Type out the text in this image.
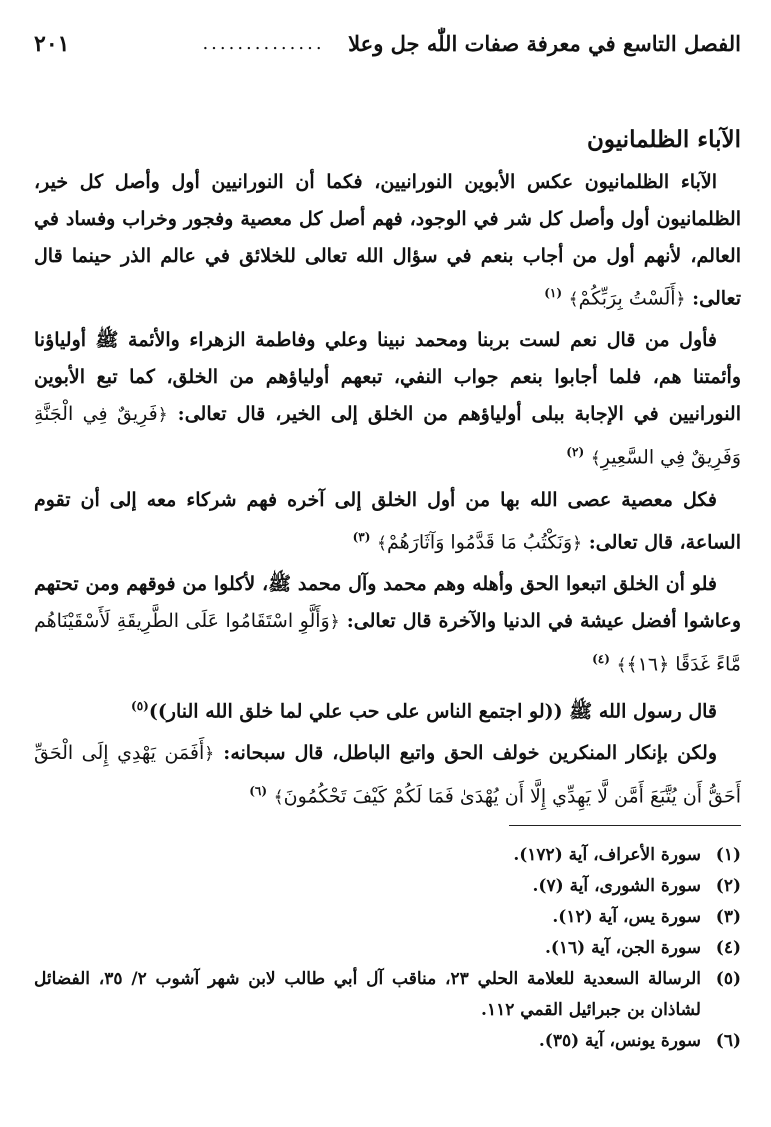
الفصل التاسع في معرفة صفات اللّٰه جل وعلا
..............
٢٠١
الآباء الظلمانيون

الآباء الظلمانيون عكس الأبوين النورانيين، فكما أن النورانيين أول وأصل كل خير، الظلمانيون أول وأصل كل شر في الوجود، فهم أصل كل معصية وفجور وخراب وفساد في العالم، لأنهم أول من أجاب بنعم في سؤال الله تعالى للخلائق في عالم الذر حينما قال تعالى: ﴿أَلَسْتُ بِرَبِّكُمْ﴾ $^{(١)}$

فأول من قال نعم لست بربنا ومحمد نبينا وعلي وفاطمة الزهراء والأئمة ﷺ أولياؤنا وأئمتنا هم، فلما أجابوا بنعم جواب النفي، تبعهم أولياؤهم من الخلق، كما تبع الأبوين النورانيين في الإجابة ببلى أولياؤهم من الخلق إلى الخير، قال تعالى: ﴿فَرِيقٌ فِي الْجَنَّةِ وَفَرِيقٌ فِي السَّعِيرِ﴾ $^{(٢)}$

فكل معصية عصى الله بها من أول الخلق إلى آخره فهم شركاء معه إلى أن تقوم الساعة، قال تعالى: ﴿وَنَكْتُبُ مَا قَدَّمُوا وَآثَارَهُمْ﴾ $^{(٣)}$

فلو أن الخلق اتبعوا الحق وأهله وهم محمد وآل محمد ﷺ، لأكلوا من فوقهم ومن تحتهم وعاشوا أفضل عيشة في الدنيا والآخرة قال تعالى: ﴿وَأَلَّوِ اسْتَقَامُوا عَلَى الطَّرِيقَةِ لَأَسْقَيْنَاهُم مَّاءً غَدَقًا ﴿١٦﴾﴾ $^{(٤)}$

قال رسول الله ﷺ ((لو اجتمع الناس على حب علي لما خلق الله النار))$^{(٥)}$

ولكن بإنكار المنكرين خولف الحق واتبع الباطل، قال سبحانه: ﴿أَفَمَن يَهْدِي إِلَى الْحَقِّ أَحَقُّ أَن يُتَّبَعَ أَمَّن لَّا يَهِدِّي إِلَّا أَن يُهْدَىٰ فَمَا لَكُمْ كَيْفَ تَحْكُمُونَ﴾ $^{(٦)}$

(١)
سورة الأعراف، آية (١٧٢).
(٢)
سورة الشورى، آية (٧).
(٣)
سورة يس، آية (١٢).
(٤)
سورة الجن، آية (١٦).
(٥)
الرسالة السعدية للعلامة الحلي ٢٣، مناقب آل أبي طالب لابن شهر آشوب ٢/ ٣٥، الفضائل لشاذان بن جبرائيل القمي ١١٢.
(٦)
سورة يونس، آية (٣٥).
